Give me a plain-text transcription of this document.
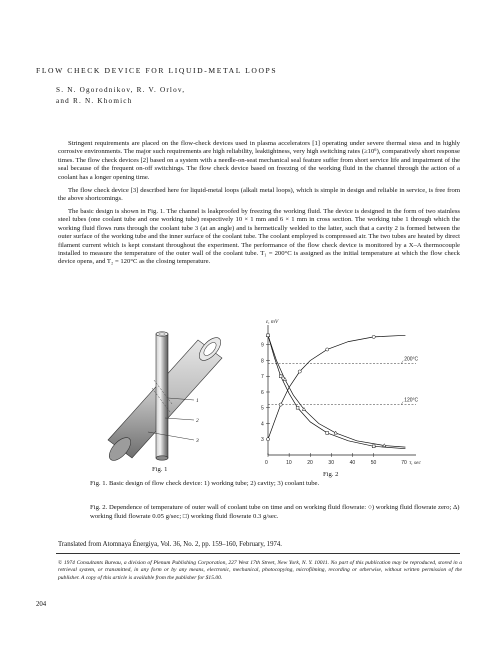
FLOW CHECK DEVICE FOR LIQUID-METAL LOOPS
S. N. Ogorodnikov, R. V. Orlov,
and R. N. Khomich

Stringent requirements are placed on the flow-check devices used in plasma accelerators [1] operating under severe thermal stess and in highly corrosive environments. The major such requirements are high reliability, leaktightness, very high switching rates (≥10⁶), comparatively short response times. The flow check devices [2] based on a system with a needle-on-seat mechanical seal feature suffer from short service life and impairment of the seal because of the frequent on-off switchings. The flow check device based on freezing of the working fluid in the channel through the action of a coolant has a longer opening time.

The flow check device [3] described here for liquid-metal loops (alkali metal loops), which is simple in design and reliable in service, is free from the above shortcomings.

The basic design is shown in Fig. 1. The channel is leakproofed by freezing the working fluid. The device is designed in the form of two stainless steel tubes (one coolant tube and one working tube) respectively 10 × 1 mm and 6 × 1 mm in cross section. The working tube 1 through which the working fluid flows runs through the coolant tube 3 (at an angle) and is hermetically welded to the latter, such that a cavity 2 is formed between the outer surface of the working tube and the inner surface of the coolant tube. The coolant employed is compressed air. The two tubes are heated by direct filament current which is kept constant throughout the experiment. The performance of the flow check device is monitored by a X–A thermocouple installed to measure the temperature of the outer wall of the coolant tube. T₁ = 200°C is assigned as the initial temperature at which the flow check device opens, and T₂ = 120°C as the closing temperature.

1
2
3
Fig. 1
ε, mV
3
4
5
6
7
8
9
0	10	20	30	40	50	70 τ, sec
200°C
120°C
Fig. 2
Fig. 1. Basic design of flow check device: 1) working tube; 2) cavity; 3) coolant tube.
Fig. 2. Dependence of temperature of outer wall of coolant tube on time and on working fluid flowrate: ○) working fluid flowrate zero; Δ) working fluid flowrate 0.05 g/sec; □) working fluid flowrate 0.3 g/sec.
Translated from Atomnaya Énergiya, Vol. 36, No. 2, pp. 159–160, February, 1974.
© 1974 Consultants Bureau, a division of Plenum Publishing Corporation, 227 West 17th Street, New York, N. Y. 10011. No part of this publication may be reproduced, stored in a retrieval system, or transmitted, in any form or by any means, electronic, mechanical, photocopying, microfilming, recording or otherwise, without written permission of the publisher. A copy of this article is available from the publisher for $15.00.
204
